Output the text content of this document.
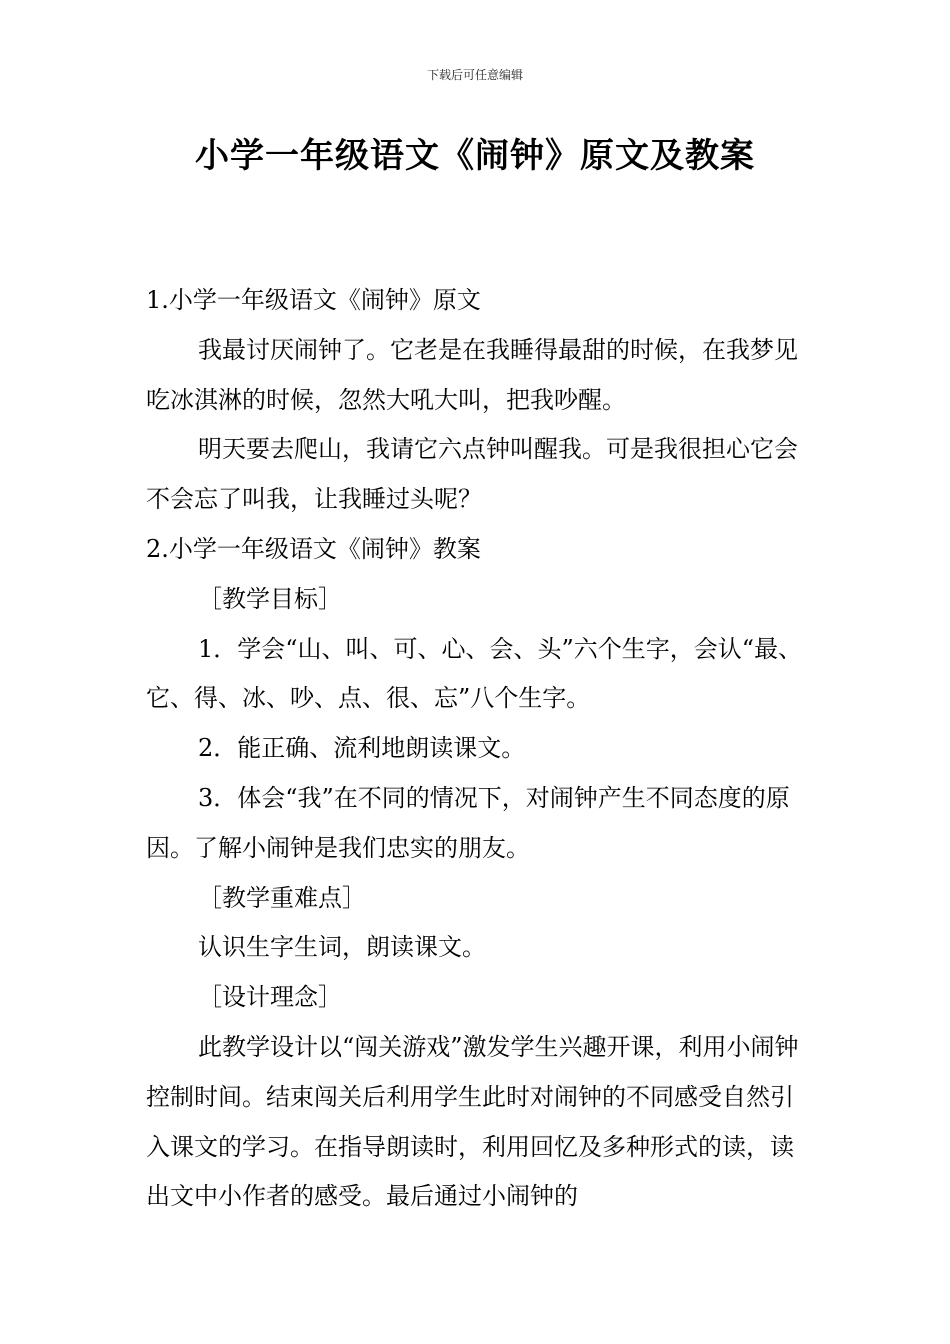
下载后可任意编辑
小学一年级语文《闹钟》原文及教案

1.小学一年级语文《闹钟》原文

我最讨厌闹钟了。它老是在我睡得最甜的时候，在我梦见吃冰淇淋的时候，忽然大吼大叫，把我吵醒。

明天要去爬山，我请它六点钟叫醒我。可是我很担心它会不会忘了叫我，让我睡过头呢？

2.小学一年级语文《闹钟》教案

［教学目标］

1．学会“山、叫、可、心、会、头”六个生字，会认“最、它、得、冰、吵、点、很、忘”八个生字。

2．能正确、流利地朗读课文。

3．体会“我”在不同的情况下，对闹钟产生不同态度的原因。了解小闹钟是我们忠实的朋友。

［教学重难点］

认识生字生词，朗读课文。

［设计理念］

此教学设计以“闯关游戏”激发学生兴趣开课，利用小闹钟控制时间。结束闯关后利用学生此时对闹钟的不同感受自然引入课文的学习。在指导朗读时，利用回忆及多种形式的读，读出文中小作者的感受。最后通过小闹钟的
